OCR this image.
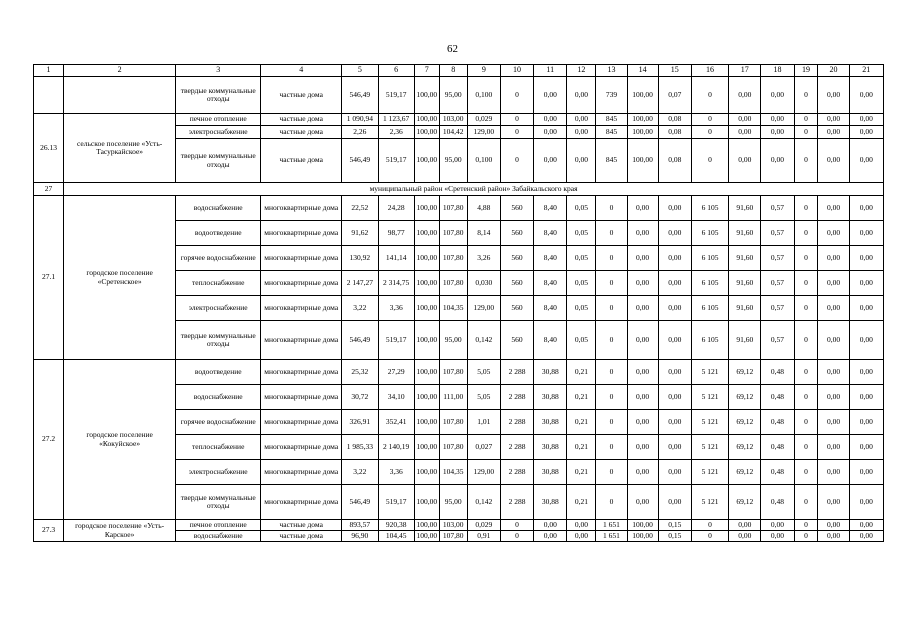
62
1	2	3	4	5	6	7	8	9	10	11	12	13	14	15	16	17	18	19	20	21
		твердые коммунальные отходы	частные дома	546,49	519,17	100,00	95,00	0,100	0	0,00	0,00	739	100,00	0,07	0	0,00	0,00	0	0,00	0,00
26.13	сельское поселение «Усть-Тасуркайское»	печное отопление	частные дома	1 090,94	1 123,67	100,00	103,00	0,029	0	0,00	0,00	845	100,00	0,08	0	0,00	0,00	0	0,00	0,00
		электроснабжение	частные дома	2,26	2,36	100,00	104,42	129,00	0	0,00	0,00	845	100,00	0,08	0	0,00	0,00	0	0,00	0,00
		твердые коммунальные отходы	частные дома	546,49	519,17	100,00	95,00	0,100	0	0,00	0,00	845	100,00	0,08	0	0,00	0,00	0	0,00	0,00
27	муниципальный район «Сретенский район» Забайкальского края																			
27.1	городское поселение «Сретенское»	водоснабжение	многоквартирные дома	22,52	24,28	100,00	107,80	4,88	560	8,40	0,05	0	0,00	0,00	6 105	91,60	0,57	0	0,00	0,00
		водоотведение	многоквартирные дома	91,62	98,77	100,00	107,80	8,14	560	8,40	0,05	0	0,00	0,00	6 105	91,60	0,57	0	0,00	0,00
		горячее водоснабжение	многоквартирные дома	130,92	141,14	100,00	107,80	3,26	560	8,40	0,05	0	0,00	0,00	6 105	91,60	0,57	0	0,00	0,00
		теплоснабжение	многоквартирные дома	2 147,27	2 314,75	100,00	107,80	0,030	560	8,40	0,05	0	0,00	0,00	6 105	91,60	0,57	0	0,00	0,00
		электроснабжение	многоквартирные дома	3,22	3,36	100,00	104,35	129,00	560	8,40	0,05	0	0,00	0,00	6 105	91,60	0,57	0	0,00	0,00
		твердые коммунальные отходы	многоквартирные дома	546,49	519,17	100,00	95,00	0,142	560	8,40	0,05	0	0,00	0,00	6 105	91,60	0,57	0	0,00	0,00
27.2	городское поселение «Кокуйское»	водоотведение	многоквартирные дома	25,32	27,29	100,00	107,80	5,05	2 288	30,88	0,21	0	0,00	0,00	5 121	69,12	0,48	0	0,00	0,00
		водоснабжение	многоквартирные дома	30,72	34,10	100,00	111,00	5,05	2 288	30,88	0,21	0	0,00	0,00	5 121	69,12	0,48	0	0,00	0,00
		горячее водоснабжение	многоквартирные дома	326,91	352,41	100,00	107,80	1,01	2 288	30,88	0,21	0	0,00	0,00	5 121	69,12	0,48	0	0,00	0,00
		теплоснабжение	многоквартирные дома	1 985,33	2 140,19	100,00	107,80	0,027	2 288	30,88	0,21	0	0,00	0,00	5 121	69,12	0,48	0	0,00	0,00
		электроснабжение	многоквартирные дома	3,22	3,36	100,00	104,35	129,00	2 288	30,88	0,21	0	0,00	0,00	5 121	69,12	0,48	0	0,00	0,00
		твердые коммунальные отходы	многоквартирные дома	546,49	519,17	100,00	95,00	0,142	2 288	30,88	0,21	0	0,00	0,00	5 121	69,12	0,48	0	0,00	0,00
27.3	городское поселение «Усть-Карское»	печное отопление	частные дома	893,57	920,38	100,00	103,00	0,029	0	0,00	0,00	1 651	100,00	0,15	0	0,00	0,00	0	0,00	0,00
		водоснабжение	частные дома	96,90	104,45	100,00	107,80	0,91	0	0,00	0,00	1 651	100,00	0,15	0	0,00	0,00	0	0,00	0,00
